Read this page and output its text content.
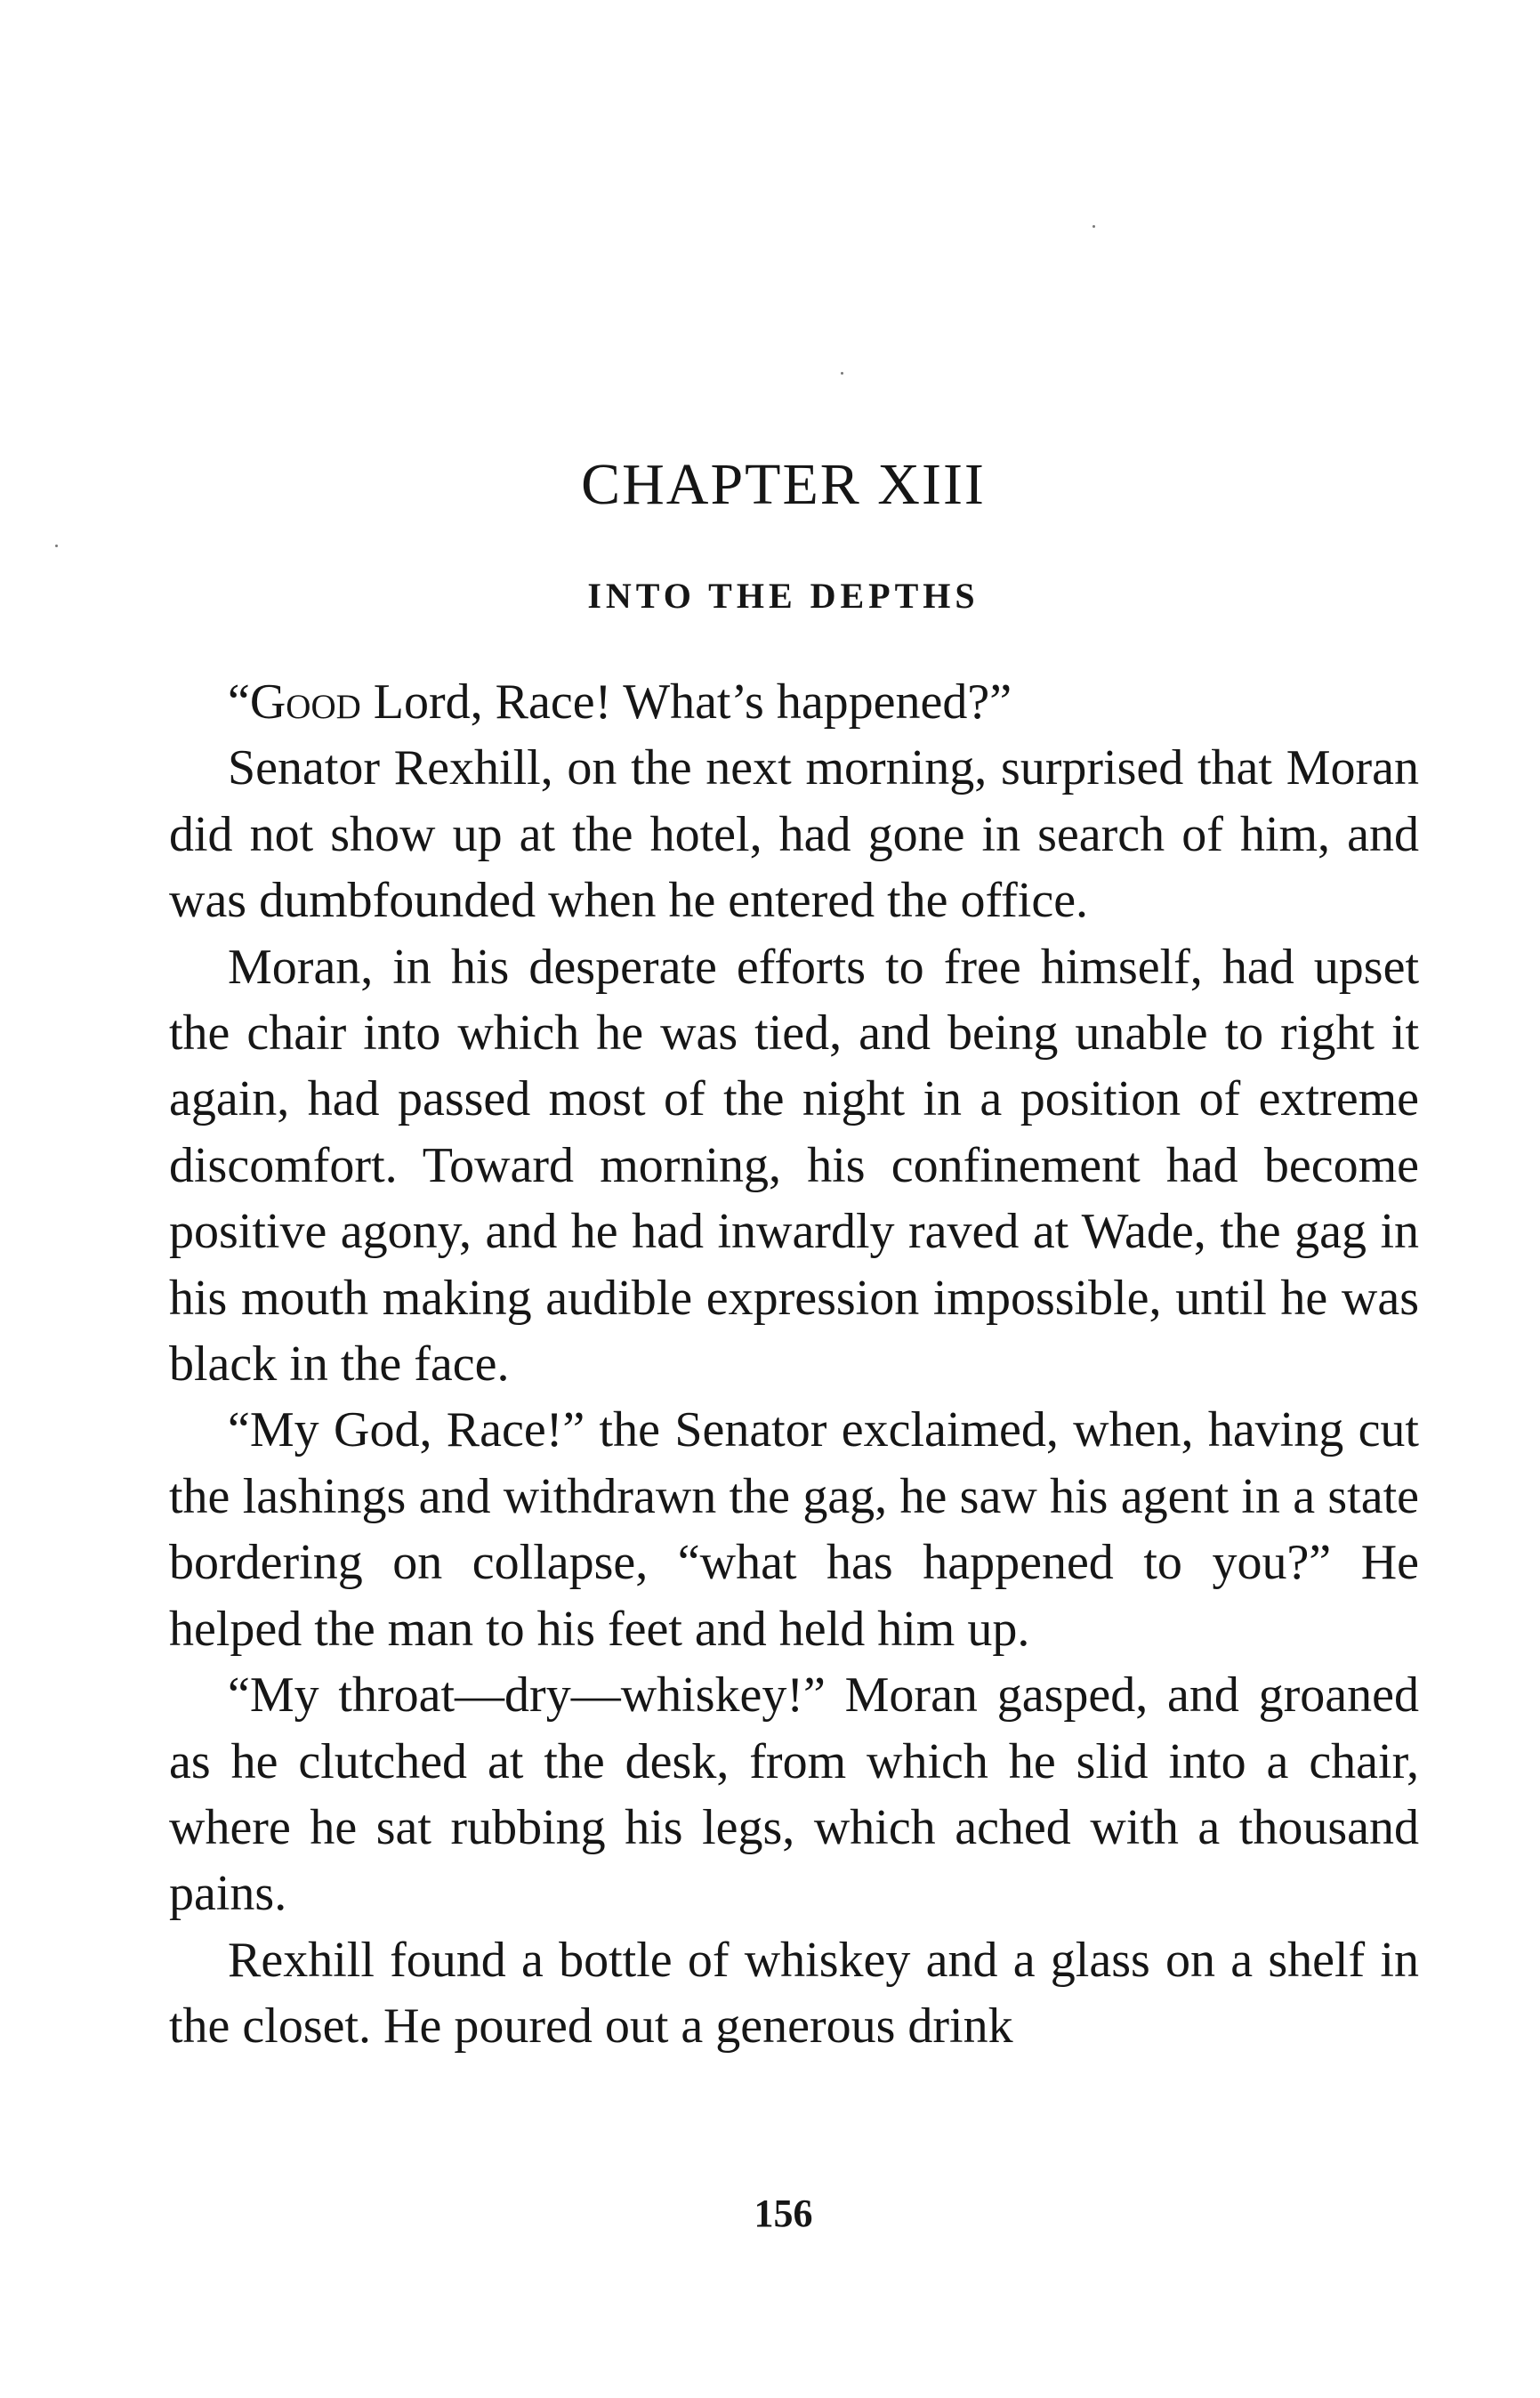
CHAPTER XIII
INTO THE DEPTHS

“Good Lord, Race! What’s happened?”

Senator Rexhill, on the next morning, surprised that Moran did not show up at the hotel, had gone in search of him, and was dumbfounded when he entered the office.

Moran, in his desperate efforts to free himself, had upset the chair into which he was tied, and being unable to right it again, had passed most of the night in a position of extreme discomfort. Toward morning, his confinement had become positive agony, and he had inwardly raved at Wade, the gag in his mouth making audible expression impossible, until he was black in the face.

“My God, Race!” the Senator exclaimed, when, having cut the lashings and withdrawn the gag, he saw his agent in a state bordering on collapse, “what has happened to you?” He helped the man to his feet and held him up.

“My throat—dry—whiskey!” Moran gasped, and groaned as he clutched at the desk, from which he slid into a chair, where he sat rubbing his legs, which ached with a thousand pains.

Rexhill found a bottle of whiskey and a glass on a shelf in the closet. He poured out a generous drink

156
